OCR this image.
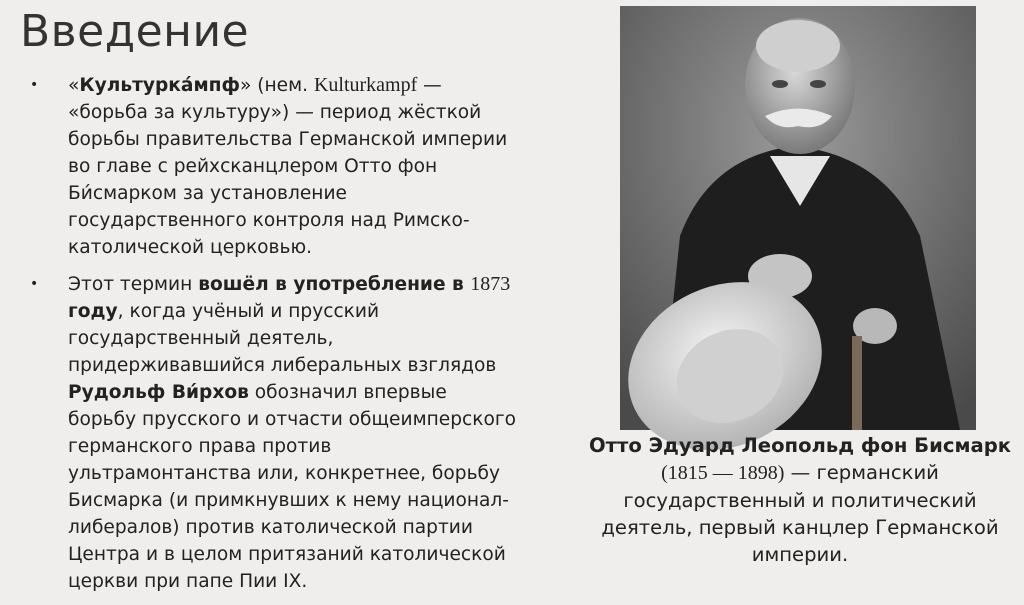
Введение
• «Культурка́мпф» (нем. Kulturkampf — «борьба за культуру») — период жёсткой борьбы правительства Германской империи во главе с рейхсканцлером Отто фон Би́смарком за установление государственного контроля над Римско-католической церковью.
• Этот термин вошёл в употребление в 1873 году, когда учёный и прусский государственный деятель, придерживавшийся либеральных взглядов Рудольф Ви́рхов обозначил впервые борьбу прусского и отчасти общеимперского германского права против ультрамонтанства или, конкретнее, борьбу Бисмарка (и примкнувших к нему национал-либералов) против католической партии Центра и в целом притязаний католической церкви при папе Пии IX.
Отто Эдуард Леопольд фон Бисмарк
(1815 — 1898) — германский государственный и политический деятель, первый канцлер Германской империи.
